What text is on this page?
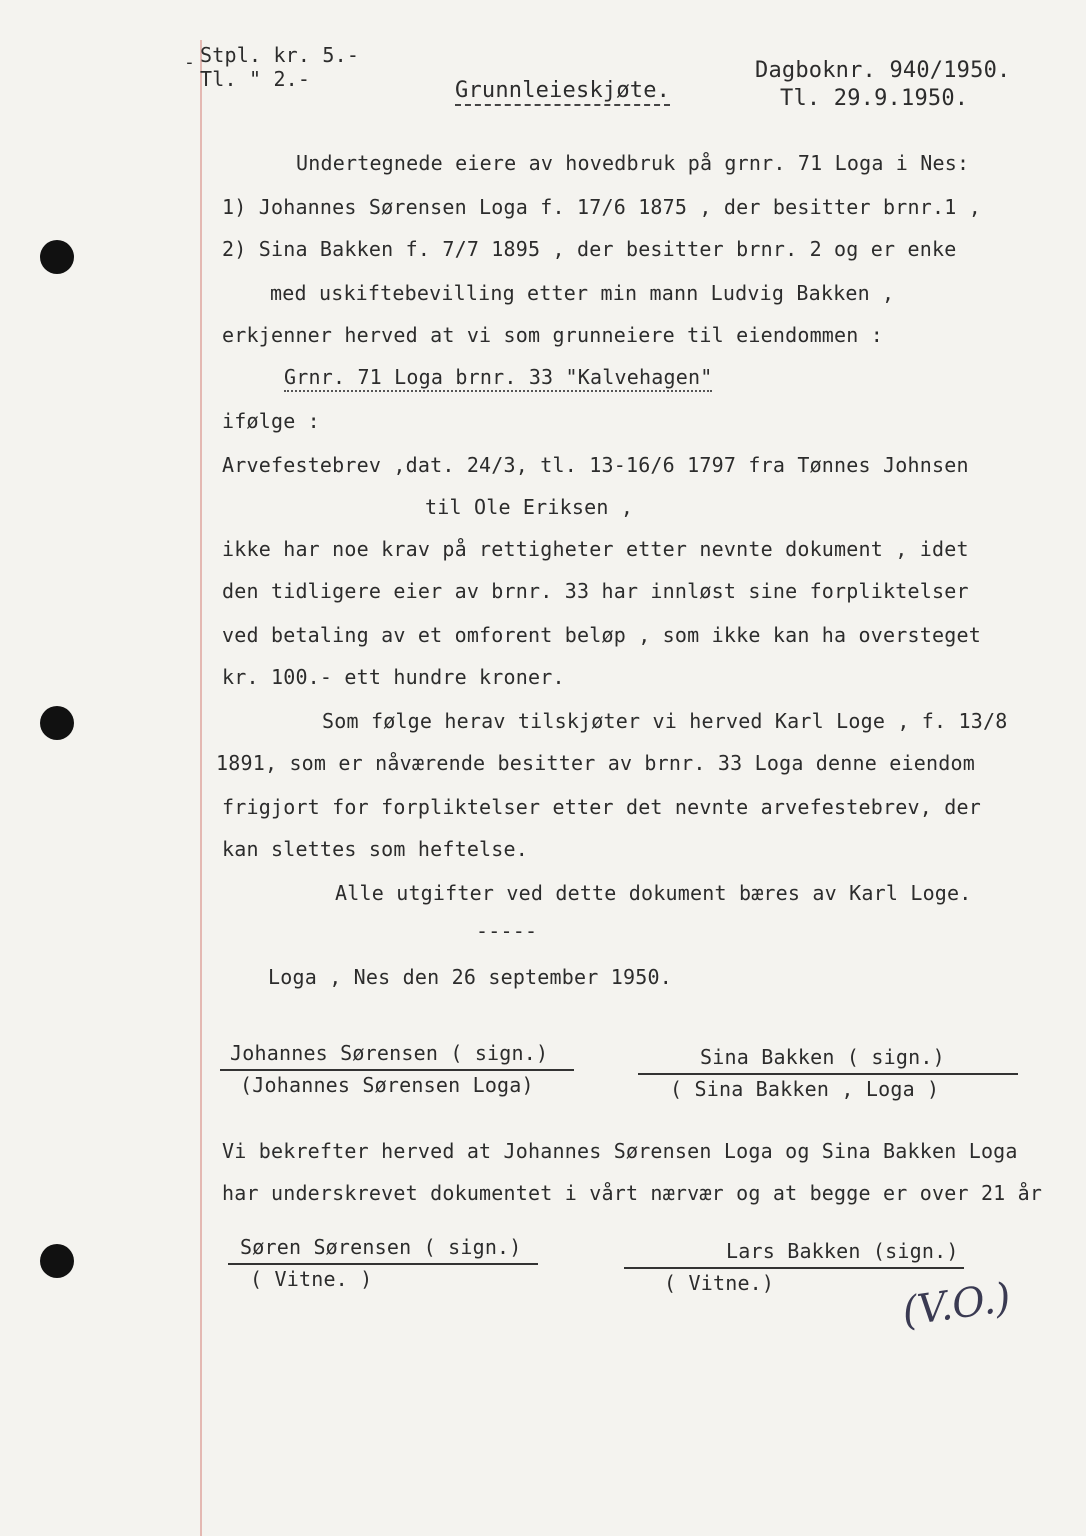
- Stpl. kr. 5.-
Tl. " 2.-	Grunnleieskjøte.
Dagboknr. 940/1950.
Tl. 29.9.1950.
Undertegnede eiere av hovedbruk på grnr. 71 Loga i Nes:
1) Johannes Sørensen Loga f. 17/6 1875 , der besitter brnr.1 ,
2) Sina Bakken f. 7/7 1895 , der besitter brnr. 2 og er enke
med uskiftebevilling etter min mann Ludvig Bakken ,
erkjenner herved at vi som grunneiere til eiendommen :
Grnr. 71 Loga brnr. 33 "Kalvehagen"
ifølge :
Arvefestebrev ,dat. 24/3, tl. 13-16/6 1797 fra Tønnes Johnsen
til Ole Eriksen ,
ikke har noe krav på rettigheter etter nevnte dokument , idet
den tidligere eier av brnr. 33 har innløst sine forpliktelser
ved betaling av et omforent beløp , som ikke kan ha oversteget
kr. 100.- ett hundre kroner.
Som følge herav tilskjøter vi herved Karl Loge , f. 13/8
1891, som er nåværende besitter av brnr. 33 Loga denne eiendom
frigjort for forpliktelser etter det nevnte arvefestebrev, der
kan slettes som heftelse.
Alle utgifter ved dette dokument bæres av Karl Loge.
-----
Loga , Nes den 26 september 1950.
Johannes Sørensen ( sign.)
(Johannes Sørensen Loga)
Sina Bakken ( sign.)
( Sina Bakken , Loga )
Vi bekrefter herved at Johannes Sørensen Loga og Sina Bakken Loga
har underskrevet dokumentet i vårt nærvær og at begge er over 21 år
Søren Sørensen ( sign.)
( Vitne. )
Lars Bakken (sign.)
( Vitne.)	(V.O.)
